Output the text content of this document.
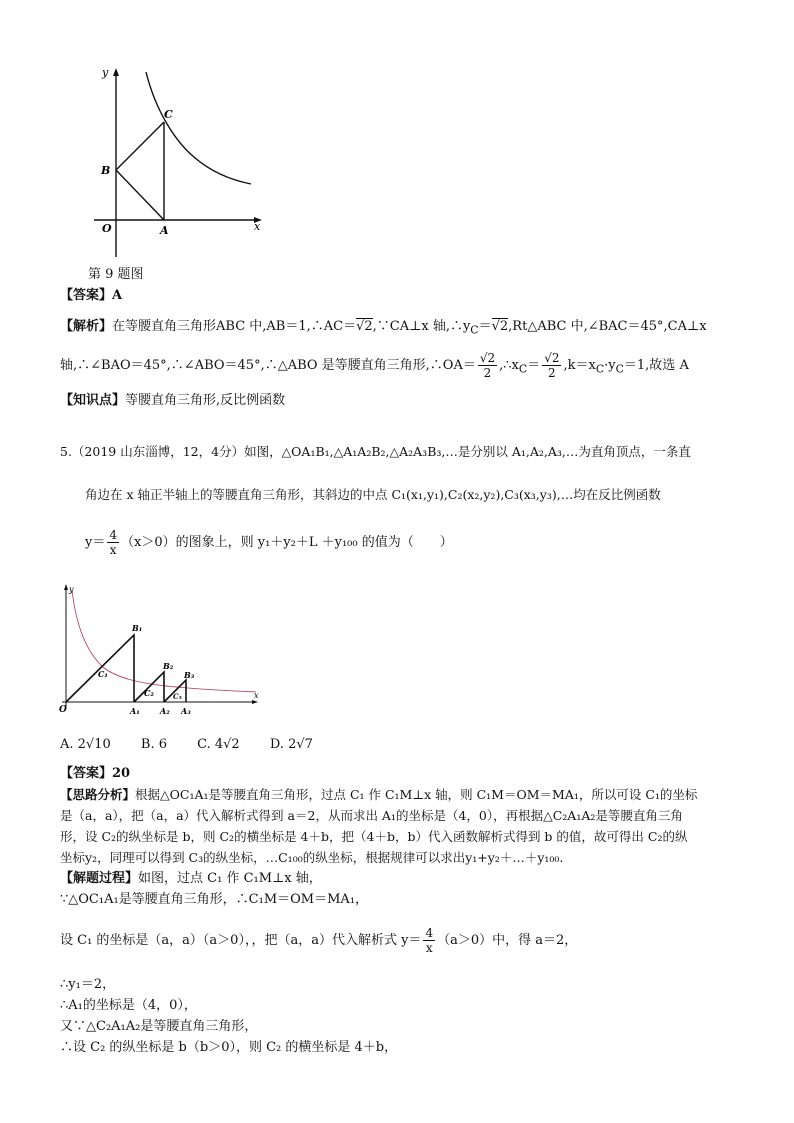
y
x
O	A
B
C
第 9 题图
【答案】A
【解析】在等腰直角三角形ABC 中,AB＝1,∴AC＝√2,∵CA⊥x 轴$,\therefore y_C=√2,Rt\triangle ABC$ 中,∠BAC＝45°,CA⊥x
轴,∴∠BAO＝45°,∴∠ABO＝45°,∴△ABO 是等腰直角三角形,∴OA＝ $\frac{√2}{2}$ $,\therefore x_C= \frac{√2}{2} ,k=x_C\cdot y_C=1$,故选 A
【知识点】等腰直角三角形,反比例函数
5.（2019 山东淄博，12，4分）如图，△OA₁B₁,△A₁A₂B₂,△A₂A₃B₃,…是分别以 A₁,A₂,A₃,…为直角顶点，一条直
角边在 x 轴正半轴上的等腰直角三角形，其斜边的中点 C₁(x₁,y₁),C₂(x₂,y₂),C₃(x₃,y₃),…均在反比例函数
$y= \frac{4}{x} (x>0)$的图象上，则 y₁＋y₂＋L ＋y₁₀₀ 的值为（　　）
y
x
O	A₁	A₂ A₃
B₁
B₂
B₃
C₁
C₂	C₃
A. 2√10 B. 6 C. 4√2 D. 2√7
【答案】20
【思路分析】根据△OC₁A₁是等腰直角三角形，过点 C₁ 作 C₁M⊥x 轴，则 C₁M＝OM＝MA₁，所以可设 C₁的坐标
是（a，a），把（a，a）代入解析式得到 a＝2，从而求出 A₁的坐标是（4，0），再根据△C₂A₁A₂是等腰直角三角
形，设 C₂的纵坐标是 b，则 C₂的横坐标是 4＋b，把（4＋b，b）代入函数解析式得到 b 的值，故可得出 C₂的纵
坐标y₂，同理可以得到 C₃的纵坐标，…C₁₀₀的纵坐标，根据规律可以求出y₁+y₂＋…＋y₁₀₀.
【解题过程】如图，过点 C₁ 作 C₁M⊥x 轴，
∵△OC₁A₁是等腰直角三角形，∴C₁M＝OM＝MA₁，
设 C₁ 的坐标是（a，a）（a＞0），，把（a，a）代入解析式 $y= \frac{4}{x} (a>0)$中，得 a＝2，
∴y₁＝2，
∴A₁的坐标是（4，0），
又∵△C₂A₁A₂是等腰直角三角形，
∴设 C₂ 的纵坐标是 b（b＞0），则 C₂ 的横坐标是 4＋b，
